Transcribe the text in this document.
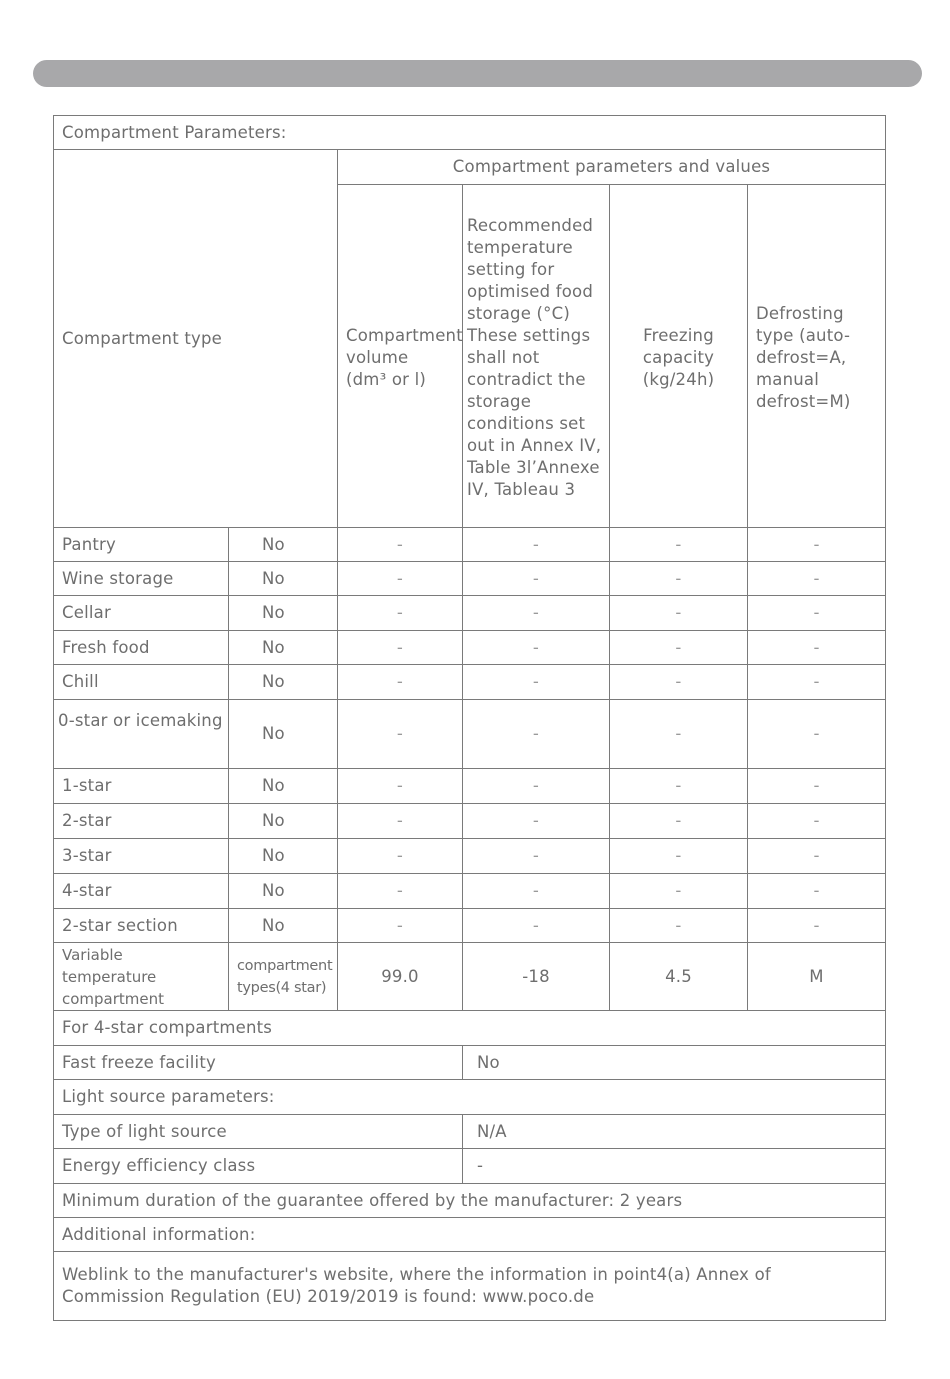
Compartment Parameters:					
Compartment type		Compartment parameters and values			
		Compartment volume (dm³ or l)	Recommended temperature setting for optimised food storage (°C) These settings shall not contradict the storage conditions set out in Annex IV, Table 3l’Annexe IV, Tableau 3	Freezing capacity (kg/24h)	Defrosting type (auto-defrost=A, manual defrost=M)
Pantry	No	-	-	-	-
Wine storage	No	-	-	-	-
Cellar	No	-	-	-	-
Fresh food	No	-	-	-	-
Chill	No	-	-	-	-
0-star or icemaking	No	-	-	-	-
1-star	No	-	-	-	-
2-star	No	-	-	-	-
3-star	No	-	-	-	-
4-star	No	-	-	-	-
2-star section	No	-	-	-	-
Variable temperature compartment	compartment types(4 star)	99.0	-18	4.5	M
For 4-star compartments					
Fast freeze facility			No		
Light source parameters:					
Type of light source			N/A		
Energy efficiency class			-		
Minimum duration of the guarantee offered by the manufacturer: 2 years					
Additional information:					
Weblink to the manufacturer's website, where the information in point4(a) Annex of Commission Regulation (EU) 2019/2019 is found: www.poco.de					
